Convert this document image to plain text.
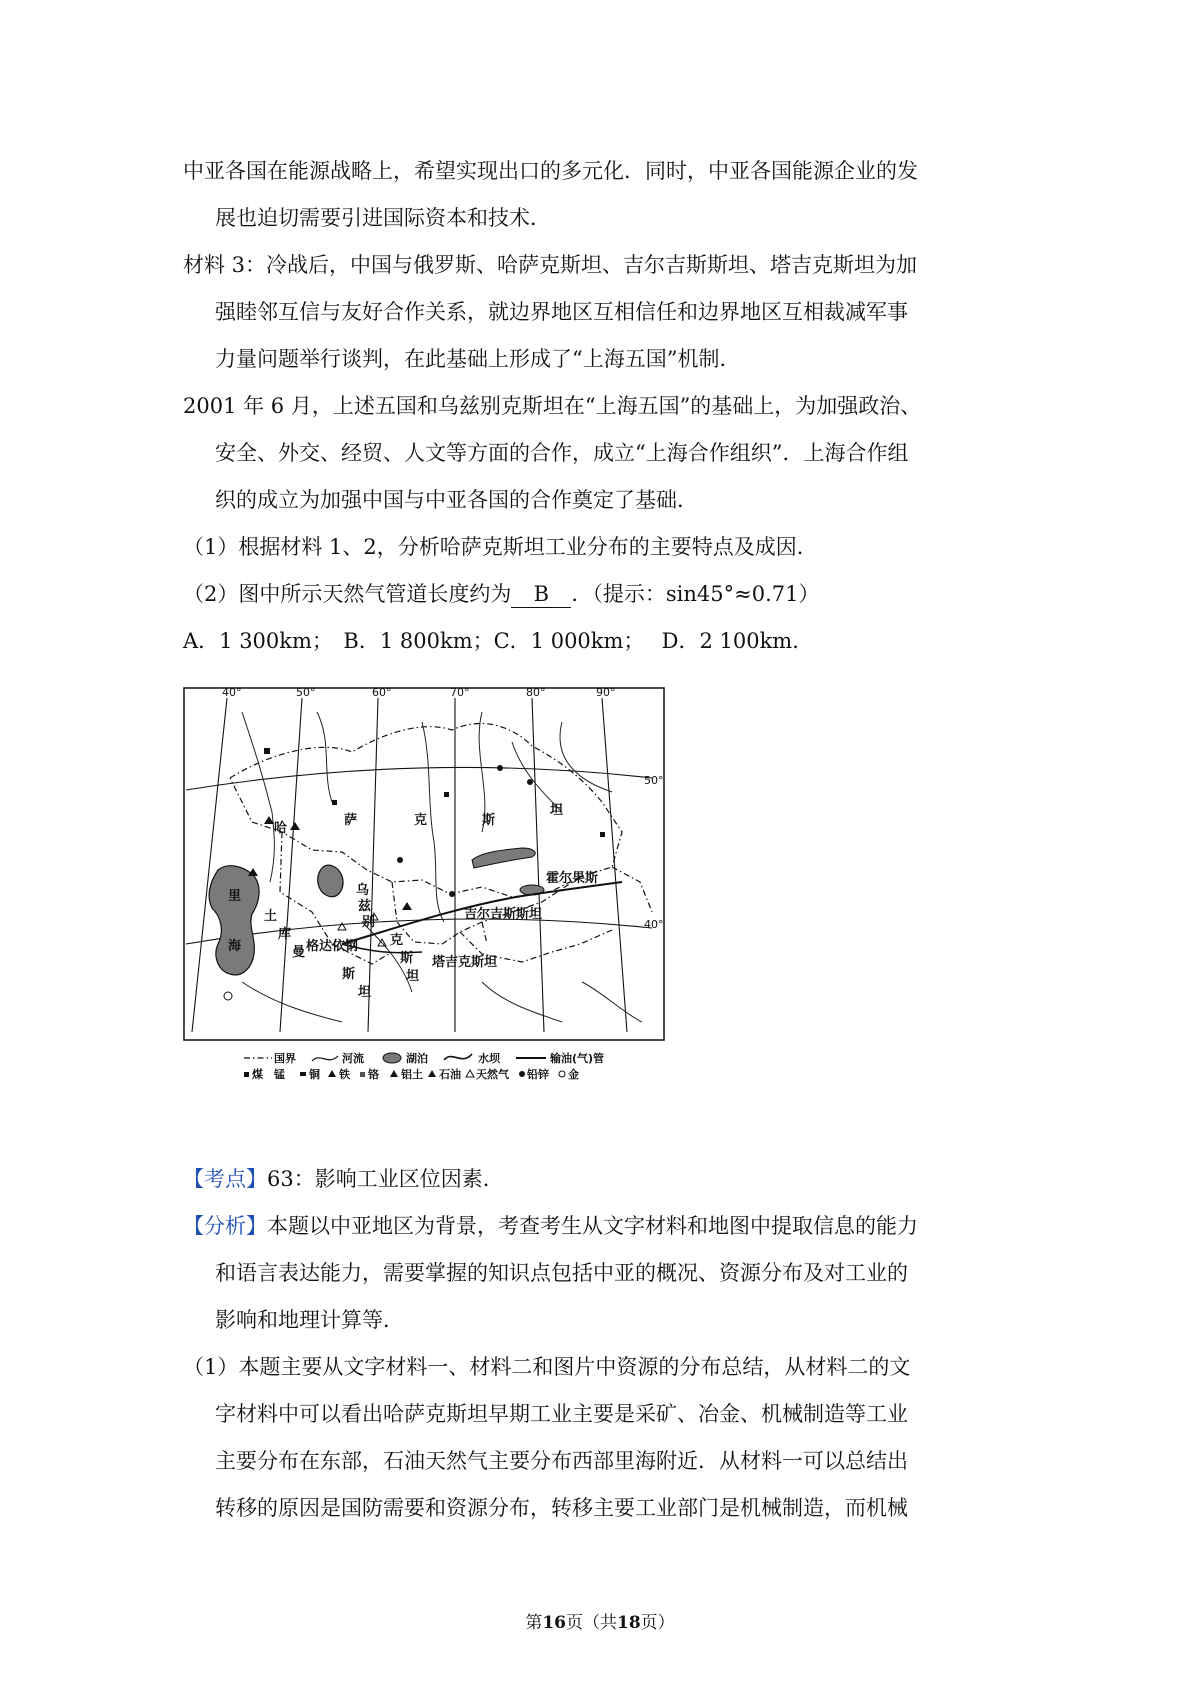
中亚各国在能源战略上，希望实现出口的多元化．同时，中亚各国能源企业的发
展也迫切需要引进国际资本和技术．
材料 3：冷战后，中国与俄罗斯、哈萨克斯坦、吉尔吉斯斯坦、塔吉克斯坦为加
强睦邻互信与友好合作关系，就边界地区互相信任和边界地区互相裁减军事
力量问题举行谈判，在此基础上形成了“上海五国”机制．
2001 年 6 月，上述五国和乌兹别克斯坦在“上海五国”的基础上，为加强政治、
安全、外交、经贸、人文等方面的合作，成立“上海合作组织”．上海合作组
织的成立为加强中国与中亚各国的合作奠定了基础．
（1）根据材料 1、2，分析哈萨克斯坦工业分布的主要特点及成因．
（2）图中所示天然气管道长度约为 B ．（提示：sin45°≈0.71）
A．1 300km；　B．1 800km；C．1 000km；　 D．2 100km．
40°	50°	60°	70°	80°	90°
50°
40°
哈
萨	克	斯
坦
里
海
土
库
曼
斯
坦
乌
兹
别
克
斯
坦
吉尔吉斯斯坦
塔吉克斯坦
霍尔果斯
格达依钢
国界	河流	湖泊	水坝	输油(气)管
煤 锰 铜 铁 铬 铝土 石油 天然气 铅锌 金
【考点】63：影响工业区位因素．
【分析】本题以中亚地区为背景，考查考生从文字材料和地图中提取信息的能力
和语言表达能力，需要掌握的知识点包括中亚的概况、资源分布及对工业的
影响和地理计算等．
（1）本题主要从文字材料一、材料二和图片中资源的分布总结，从材料二的文
字材料中可以看出哈萨克斯坦早期工业主要是采矿、冶金、机械制造等工业
主要分布在东部，石油天然气主要分布西部里海附近．从材料一可以总结出
转移的原因是国防需要和资源分布，转移主要工业部门是机械制造，而机械
第16页（共18页）
